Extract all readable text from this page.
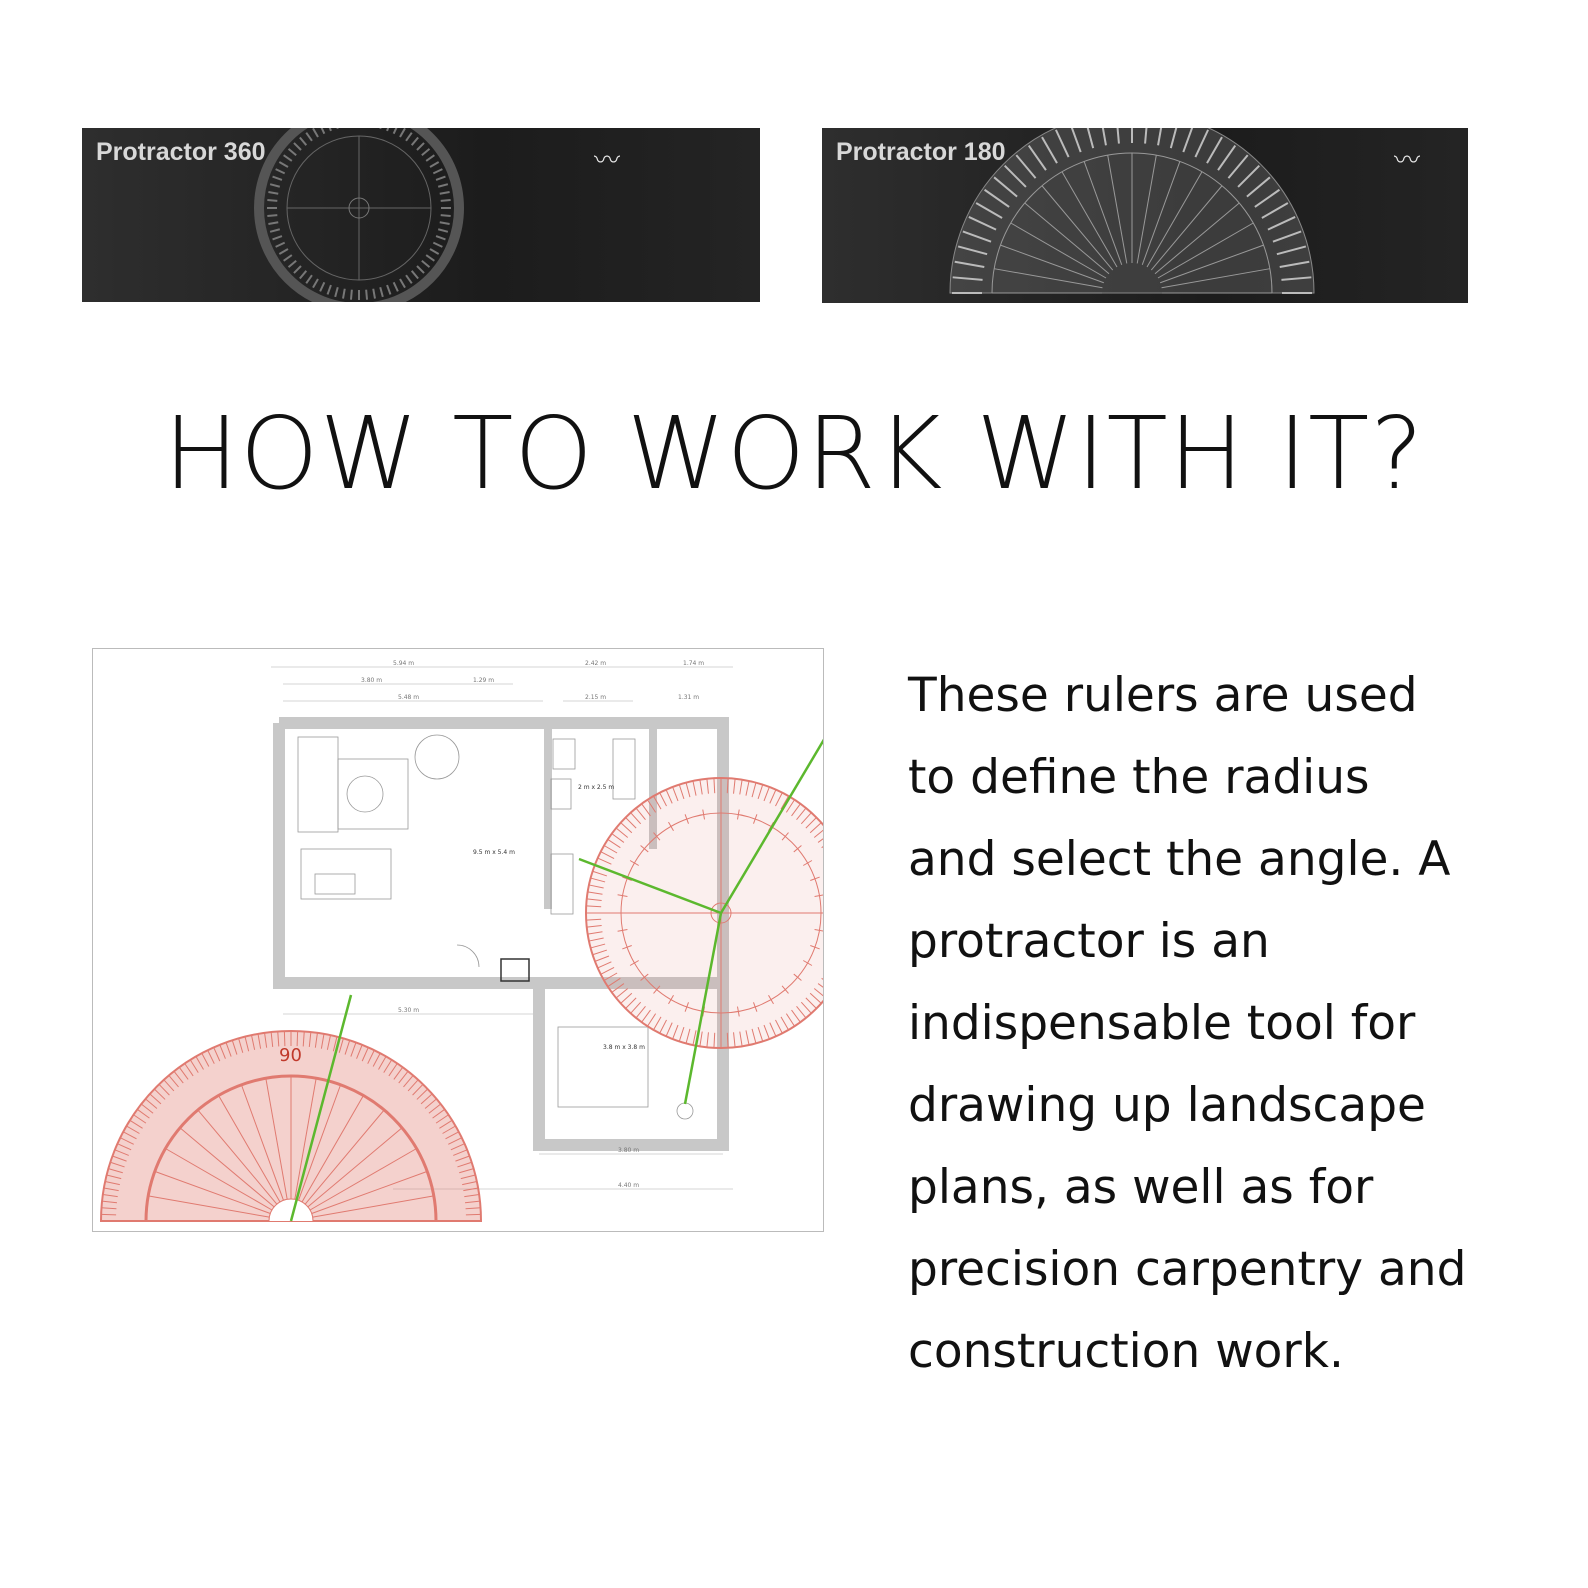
Protractor 360	〰	Protractor 180	〰
HOW TO WORK WITH IT?
5.94 m	2.42 m	1.74 m
3.80 m	1.29 m
5.48 m	2.15 m	1.31 m
5.30 m
3.80 m
4.40 m
9.5 m x 5.4 m
2 m x 2.5 m
3.8 m x 3.8 m
90

These rulers are used
to define the radius
and select the angle. A
protractor is an
indispensable tool for
drawing up landscape
plans, as well as for
precision carpentry and
construction work.
